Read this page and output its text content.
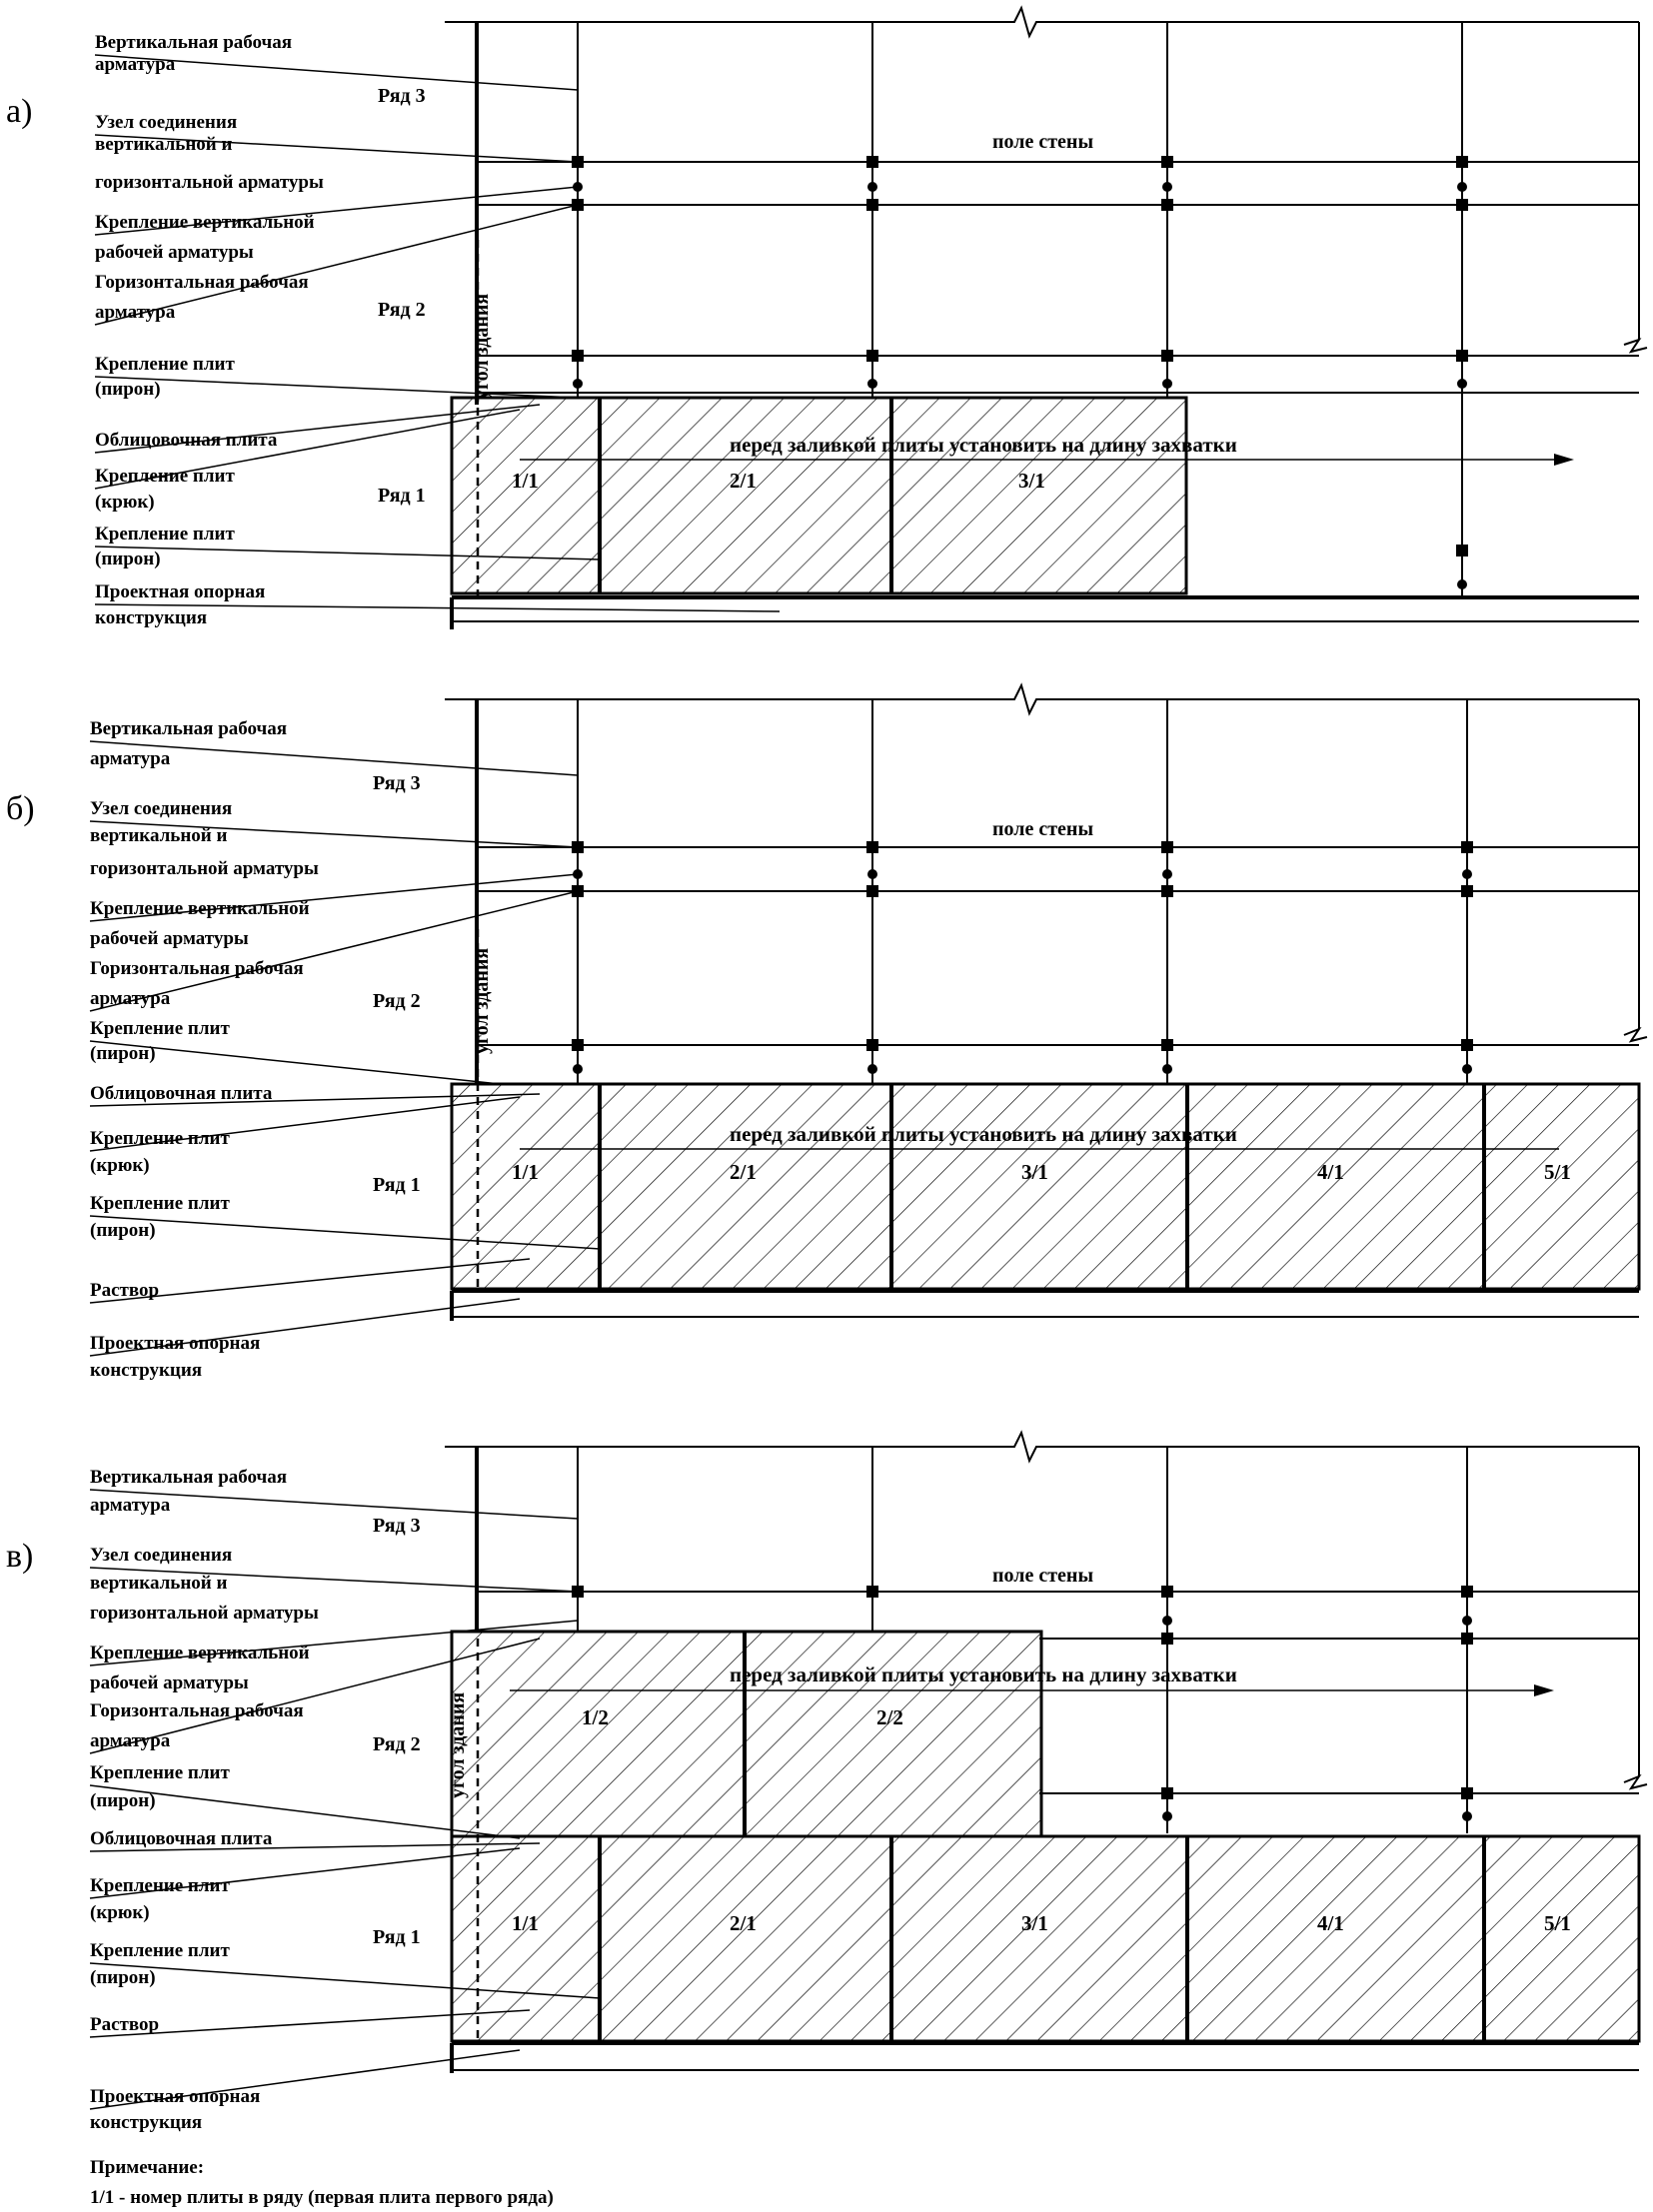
а)
перед заливкой плиты установить на длину захватки
поле стены
1/1	2/1	3/1
Ряд 3
Ряд 2
Ряд 1
угол здания
Вертикальная рабочая
арматура
Узел соединения
вертикальной и
горизонтальной арматуры
Крепление вертикальной
рабочей арматуры
Горизонтальная рабочая
арматура
Крепление плит
(пирон)
Облицовочная плита
Крепление плит
(крюк)
Крепление плит
(пирон)
Проектная опорная
конструкция
б)
перед заливкой плиты установить на длину захватки
поле стены
1/1	2/1	3/1	4/1	5/1
Ряд 3
Ряд 2
Ряд 1
угол здания
Вертикальная рабочая
арматура
Узел соединения
вертикальной и
горизонтальной арматуры
Крепление вертикальной
рабочей арматуры
Горизонтальная рабочая
арматура
Крепление плит
(пирон)
Облицовочная плита
Крепление плит
(крюк)
Крепление плит
(пирон)
Раствор
Проектная опорная
конструкция
в)
перед заливкой плиты установить на длину захватки
поле стены
1/2	2/2
1/1	2/1	3/1	4/1	5/1
Ряд 3
Ряд 2
Ряд 1
угол здания
Вертикальная рабочая
арматура
Узел соединения
вертикальной и
горизонтальной арматуры
Крепление вертикальной
рабочей арматуры
Горизонтальная рабочая
арматура
Крепление плит
(пирон)
Облицовочная плита
Крепление плит
(крюк)
Крепление плит
(пирон)
Раствор
Проектная опорная
конструкция
Примечание:
1/1 - номер плиты в ряду (первая плита первого ряда)
